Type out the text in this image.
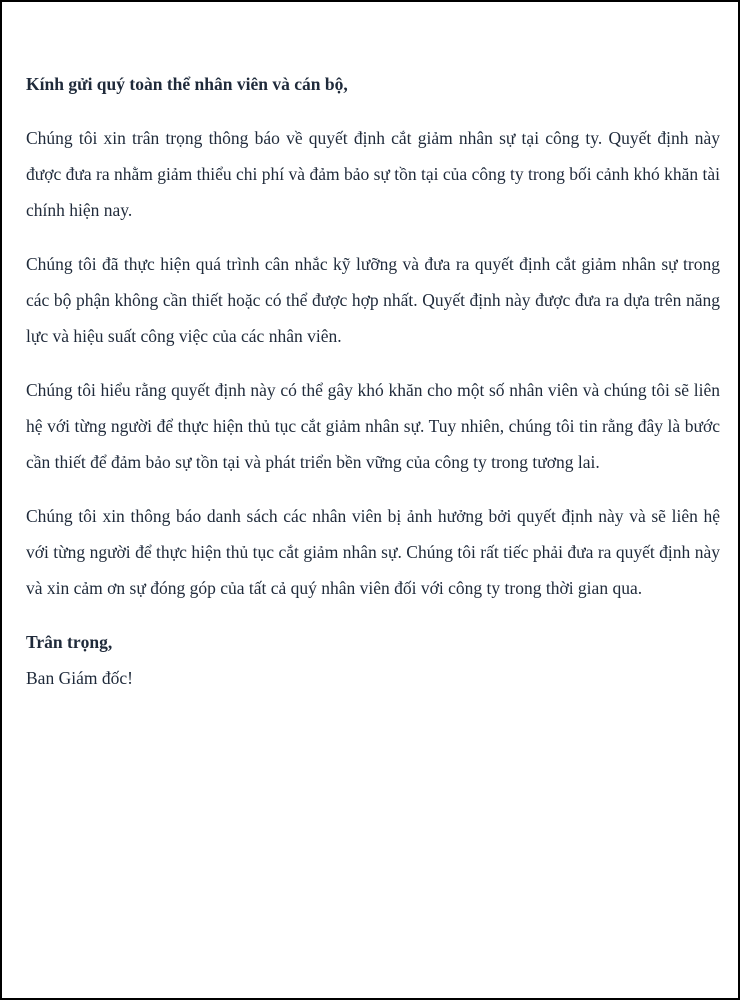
Kính gửi quý toàn thể nhân viên và cán bộ,

Chúng tôi xin trân trọng thông báo về quyết định cắt giảm nhân sự tại công ty. Quyết định này được đưa ra nhằm giảm thiểu chi phí và đảm bảo sự tồn tại của công ty trong bối cảnh khó khăn tài chính hiện nay.

Chúng tôi đã thực hiện quá trình cân nhắc kỹ lưỡng và đưa ra quyết định cắt giảm nhân sự trong các bộ phận không cần thiết hoặc có thể được hợp nhất. Quyết định này được đưa ra dựa trên năng lực và hiệu suất công việc của các nhân viên.

Chúng tôi hiểu rằng quyết định này có thể gây khó khăn cho một số nhân viên và chúng tôi sẽ liên hệ với từng người để thực hiện thủ tục cắt giảm nhân sự. Tuy nhiên, chúng tôi tin rằng đây là bước cần thiết để đảm bảo sự tồn tại và phát triển bền vững của công ty trong tương lai.

Chúng tôi xin thông báo danh sách các nhân viên bị ảnh hưởng bởi quyết định này và sẽ liên hệ với từng người để thực hiện thủ tục cắt giảm nhân sự. Chúng tôi rất tiếc phải đưa ra quyết định này và xin cảm ơn sự đóng góp của tất cả quý nhân viên đối với công ty trong thời gian qua.

Trân trọng,

Ban Giám đốc!
